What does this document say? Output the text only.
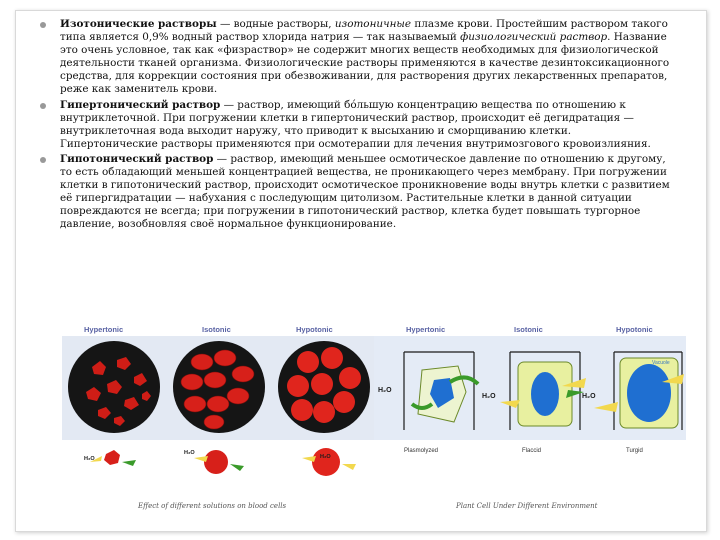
Изотонические растворы — водные растворы, изотоничные плазме крови. Простейшим раствором такого типа является 0,9% водный раствор хлорида натрия — так называемый физиологический раствор. Название это очень условное, так как «физраствор» не содержит многих веществ необходимых для физиологической деятельности тканей организма. Физиологические растворы применяются в качестве дезинтоксикационного средства, для коррекции состояния при обезвоживании, для растворения других лекарственных препаратов, реже как заменитель крови.
Гипертонический раствор — раствор, имеющий бо́льшую концентрацию вещества по отношению к внутриклеточной. При погружении клетки в гипертонический раствор, происходит её дегидратация — внутриклеточная вода выходит наружу, что приводит к высыханию и сморщиванию клетки. Гипертонические растворы применяются при осмотерапии для лечения внутримозгового кровоизлияния.
Гипотонический раствор — раствор, имеющий меньшее осмотическое давление по отношению к другому, то есть обладающий меньшей концентрацией вещества, не проникающего через мембрану. При погружении клетки в гипотонический раствор, происходит осмотическое проникновение воды внутрь клетки с развитием её гипергидратации — набухания с последующим цитолизом. Растительные клетки в данной ситуации повреждаются не всегда; при погружении в гипотонический раствор, клетка будет повышать тургорное давление, возобновляя своё нормальное функционирование.
Hypertonic	Isotonic	Hypotonic	Hypertonic	Isotonic	Hypotonic
Vacuole
H₂O
H₂O	H₂O
Plasmolyzed	Flaccid	Turgid
H₂O
H₂O
H₂O
Effect of different solutions on blood cells	Plant Cell Under Different Environment
